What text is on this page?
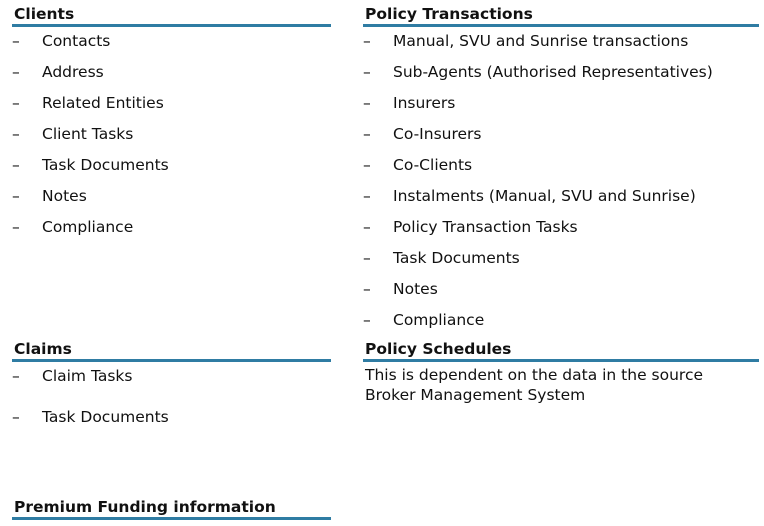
Clients
– Contacts
– Address
– Related Entities
– Client Tasks
– Task Documents
– Notes
– Compliance
Policy Transactions
– Manual, SVU and Sunrise transactions
– Sub-Agents (Authorised Representatives)
– Insurers
– Co-Insurers
– Co-Clients
– Instalments (Manual, SVU and Sunrise)
– Policy Transaction Tasks
– Task Documents
– Notes
– Compliance
Claims
– Claim Tasks
– Task Documents
Policy Schedules

This is dependent on the data in the source
Broker Management System

Premium Funding information
